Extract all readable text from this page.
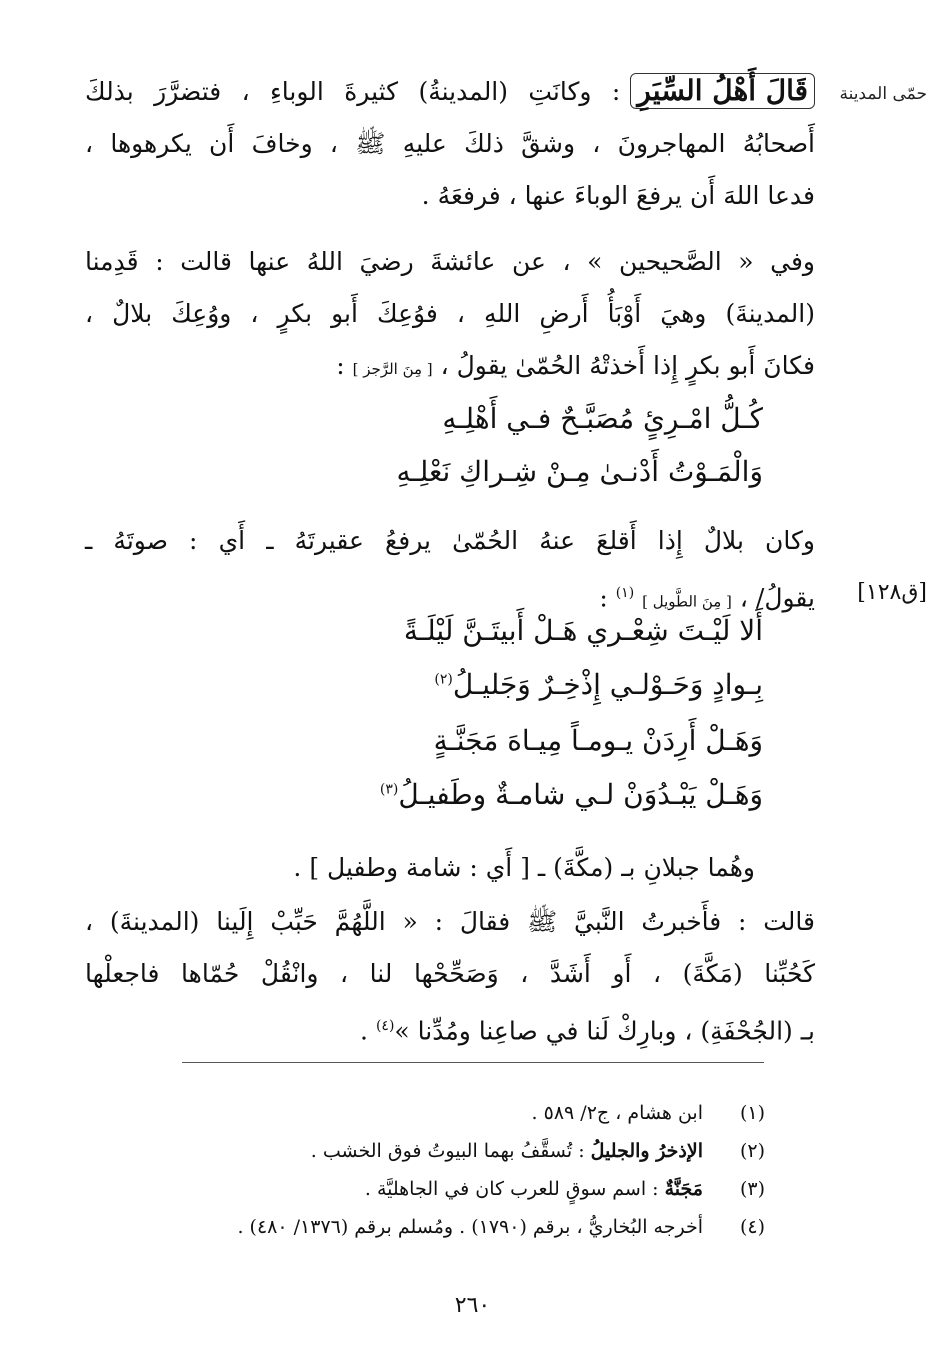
حمّى المدينة
قَالَ أَهْلُ السِّيَرِ: وكانَتِ (المدينةُ) كثيرةَ الوباءِ ، فتضرَّرَ بذلكَ
أَصحابُهُ المهاجرونَ ، وشقَّ ذلكَ عليهِ ﷺ ، وخافَ أَن يكرهوها ،
فدعا اللهَ أَن يرفعَ الوباءَ عنها ، فرفعَهُ .
وفي « الصَّحيحين » ، عن عائشةَ رضيَ اللهُ عنها قالت : قَدِمنا
(المدينةَ) وهيَ أَوْبَأُ أَرضِ اللهِ ، فوُعِكَ أَبو بكرٍ ، ووُعِكَ بلالٌ ،
فكانَ أَبو بكرٍ إِذا أَخذتْهُ الحُمّىٰ يقولُ ، [ مِنَ الرَّجز ] :
كُـلُّ امْـرِئٍ مُصَبَّـحٌ فـي أَهْلِـهِ
وَالْمَـوْتُ أَدْنـىٰ مِـنْ شِـراكِ نَعْلِـهِ
وكان بلالٌ إِذا أَقلعَ عنهُ الحُمّىٰ يرفعُ عقيرتَهُ ـ أَي : صوتَهُ ـ
[ق١٢٨]
يقولُ/ ، [ مِنَ الطَّويل ] $^{(١)}$ :
أَلا لَيْـتَ شِعْـري هَـلْ أَبيتَـنَّ لَيْلَـةً
بِـوادٍ وَحَـوْلـي إِذْخِـرٌ وَجَليـلُ$^{(٢)}$
وَهَـلْ أَرِدَنْ يـومـاً مِيـاهَ مَجَنَّـةٍ
وَهَـلْ يَبْـدُوَنْ لـي شامـةٌ وطَفيـلُ$^{(٣)}$
وهُما جبلانِ بـ (مكَّةَ) ـ [ أَي : شامة وطفيل ] .
قالت : فأَخبرتُ النَّبيَّ ﷺ فقالَ : « اللَّهُمَّ حَبِّبْ إِلَينا (المدينةَ) ،
كَحُبِّنا (مَكَّةَ) ، أَو أَشَدَّ ، وَصَحِّحْها لنا ، وانْقُلْ حُمّاها فاجعلْها
بـ (الجُحْفَةِ) ، وبارِكْ لَنا في صاعِنا ومُدِّنا »$^{(٤)}$ .
(١)
ابن هشام ، ج٢/ ٥٨٩ .
(٢)
الإذخرُ والجليلُ : تُسقَّفُ بهما البيوتُ فوق الخشب .
(٣)
مَجَنَّةٌ : اسم سوقٍ للعرب كان في الجاهليَّة .
(٤)
أخرجه البُخاريُّ ، برقم (١٧٩٠) . ومُسلم برقم (١٣٧٦/ ٤٨٠) .
٢٦٠
